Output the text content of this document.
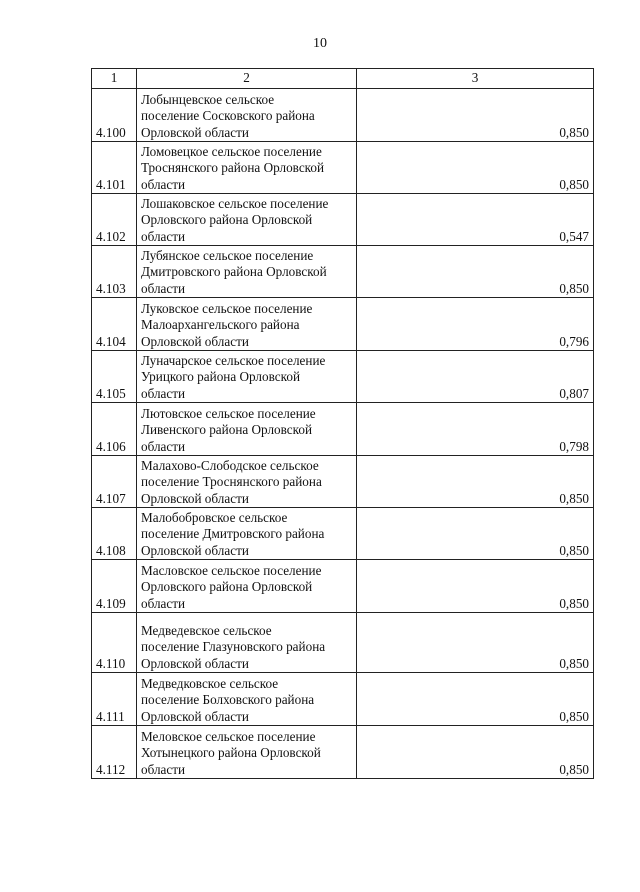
10
1	2	3
4.100	Лобынцевское сельское
поселение Сосковского района
Орловской области	0,850
4.101	Ломовецкое сельское поселение
Троснянского района Орловской
области	0,850
4.102	Лошаковское сельское поселение
Орловского района Орловской
области	0,547
4.103	Лубянское сельское поселение
Дмитровского района Орловской
области	0,850
4.104	Луковское сельское поселение
Малоархангельского района
Орловской области	0,796
4.105	Луначарское сельское поселение
Урицкого района Орловской
области	0,807
4.106	Лютовское сельское поселение
Ливенского района Орловской
области	0,798
4.107	Малахово-Слободское сельское
поселение Троснянского района
Орловской области	0,850
4.108	Малобобровское сельское
поселение Дмитровского района
Орловской области	0,850
4.109	Масловское сельское поселение
Орловского района Орловской
области	0,850
4.110	Медведевское сельское
поселение Глазуновского района
Орловской области	0,850
4.111	Медведковское сельское
поселение Болховского района
Орловской области	0,850
4.112	Меловское сельское поселение
Хотынецкого района Орловской
области	0,850
